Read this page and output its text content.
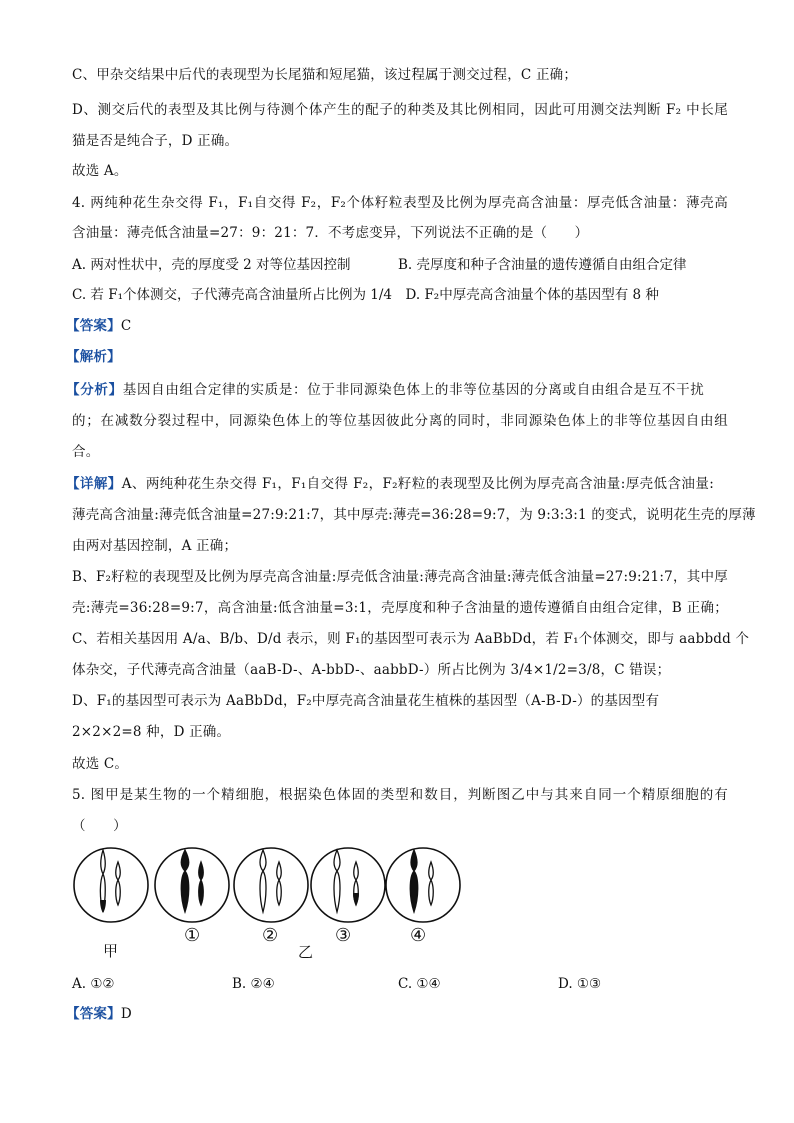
C、甲杂交结果中后代的表现型为长尾猫和短尾猫，该过程属于测交过程，C 正确；
D、测交后代的表型及其比例与待测个体产生的配子的种类及其比例相同，因此可用测交法判断 F₂ 中长尾
猫是否是纯合子，D 正确。
故选 A。
4. 两纯种花生杂交得 F₁，F₁自交得 F₂，F₂个体籽粒表型及比例为厚壳高含油量：厚壳低含油量：薄壳高
含油量：薄壳低含油量=27：9：21：7．不考虑变异，下列说法不正确的是（　　）
A. 两对性状中，壳的厚度受 2 对等位基因控制	B. 壳厚度和种子含油量的遗传遵循自由组合定律
C. 若 F₁个体测交，子代薄壳高含油量所占比例为 1/4　D. F₂中厚壳高含油量个体的基因型有 8 种
【答案】C
【解析】
【分析】基因自由组合定律的实质是：位于非同源染色体上的非等位基因的分离或自由组合是互不干扰
的；在减数分裂过程中，同源染色体上的等位基因彼此分离的同时，非同源染色体上的非等位基因自由组
合。
【详解】A、两纯种花生杂交得 F₁，F₁自交得 F₂，F₂籽粒的表现型及比例为厚壳高含油量:厚壳低含油量:
薄壳高含油量:薄壳低含油量=27:9:21:7，其中厚壳:薄壳=36:28=9:7，为 9:3:3:1 的变式，说明花生壳的厚薄
由两对基因控制，A 正确；
B、F₂籽粒的表现型及比例为厚壳高含油量:厚壳低含油量:薄壳高含油量:薄壳低含油量=27:9:21:7，其中厚
壳:薄壳=36:28=9:7，高含油量:低含油量=3:1，壳厚度和种子含油量的遗传遵循自由组合定律，B 正确；
C、若相关基因用 A/a、B/b、D/d 表示，则 F₁的基因型可表示为 AaBbDd，若 F₁个体测交，即与 aabbdd 个
体杂交，子代薄壳高含油量（aaB-D-、A-bbD-、aabbD-）所占比例为 3/4×1/2=3/8，C 错误；
D、F₁的基因型可表示为 AaBbDd，F₂中厚壳高含油量花生植株的基因型（A-B-D-）的基因型有
2×2×2=8 种，D 正确。
故选 C。
5. 图甲是某生物的一个精细胞，根据染色体固的类型和数目，判断图乙中与其来自同一个精原细胞的有
（　　）
甲
①	②
乙
③	④
A. ①②	B. ②④	C. ①④	D. ①③
【答案】D
